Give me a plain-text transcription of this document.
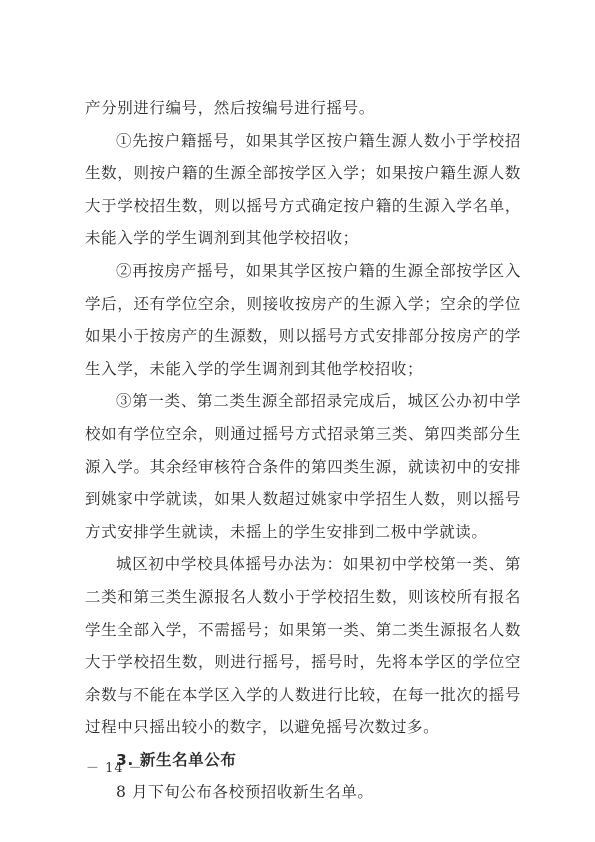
产分别进行编号，然后按编号进行摇号。

①先按户籍摇号，如果其学区按户籍生源人数小于学校招生数，则按户籍的生源全部按学区入学；如果按户籍生源人数大于学校招生数，则以摇号方式确定按户籍的生源入学名单，未能入学的学生调剂到其他学校招收；

②再按房产摇号，如果其学区按户籍的生源全部按学区入学后，还有学位空余，则接收按房产的生源入学；空余的学位如果小于按房产的生源数，则以摇号方式安排部分按房产的学生入学，未能入学的学生调剂到其他学校招收；

③第一类、第二类生源全部招录完成后，城区公办初中学校如有学位空余，则通过摇号方式招录第三类、第四类部分生源入学。其余经审核符合条件的第四类生源，就读初中的安排到姚家中学就读，如果人数超过姚家中学招生人数，则以摇号方式安排学生就读，未摇上的学生安排到二极中学就读。

城区初中学校具体摇号办法为：如果初中学校第一类、第二类和第三类生源报名人数小于学校招生数，则该校所有报名学生全部入学，不需摇号；如果第一类、第二类生源报名人数大于学校招生数，则进行摇号，摇号时，先将本学区的学位空余数与不能在本学区入学的人数进行比较，在每一批次的摇号过程中只摇出较小的数字，以避免摇号次数过多。

3. 新生名单公布

8 月下旬公布各校预招收新生名单。

－ 14 －
